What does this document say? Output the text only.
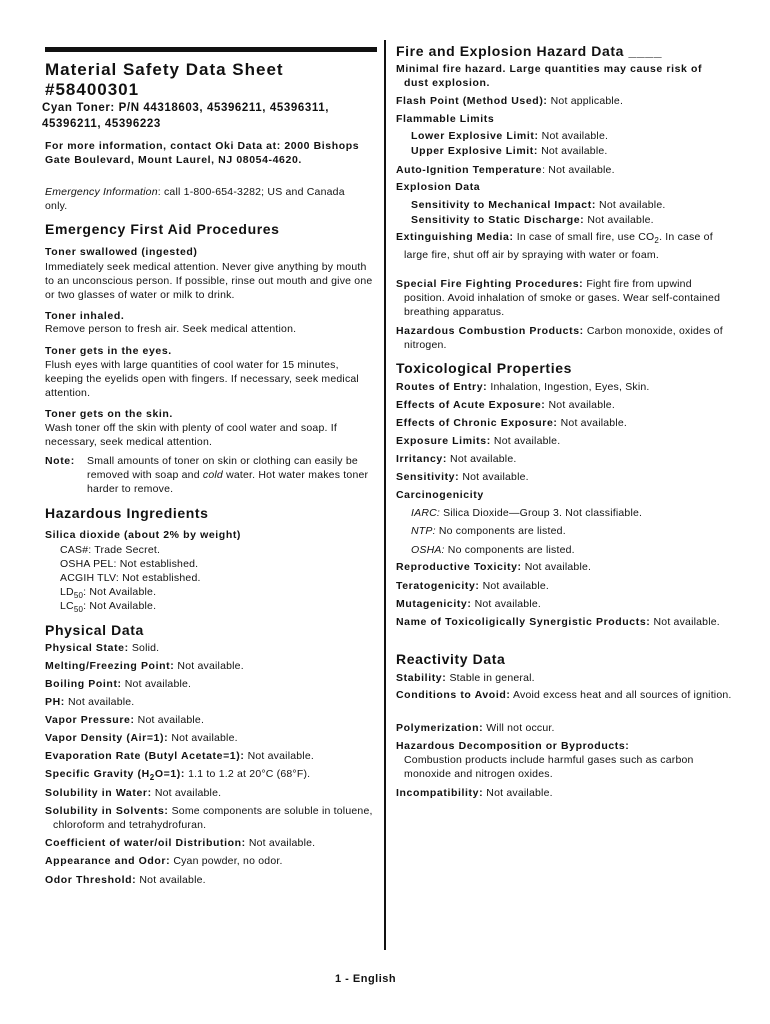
Material Safety Data Sheet
#58400301
Cyan Toner: P/N 44318603, 45396211, 45396311, 45396211, 45396223
For more information, contact Oki Data at: 2000 Bishops Gate Boulevard, Mount Laurel, NJ 08054-4620.
Emergency Information: call 1-800-654-3282; US and Canada only.
Emergency First Aid Procedures
Toner swallowed (ingested)
Immediately seek medical attention. Never give anything by mouth to an unconscious person. If possible, rinse out mouth and give one or two glasses of water or milk to drink.
Toner inhaled.
Remove person to fresh air. Seek medical attention.
Toner gets in the eyes.
Flush eyes with large quantities of cool water for 15 minutes, keeping the eyelids open with fingers. If necessary, seek medical attention.
Toner gets on the skin.
Wash toner off the skin with plenty of cool water and soap. If necessary, seek medical attention.
Note: Small amounts of toner on skin or clothing can easily be removed with soap and cold water. Hot water makes toner harder to remove.
Hazardous Ingredients
Silica dioxide (about 2% by weight)
CAS#: Trade Secret.
OSHA PEL: Not established.
ACGIH TLV: Not established.
$LD_{50}$: Not Available.
$LC_{50}$: Not Available.
Physical Data
Physical State: Solid.
Melting/Freezing Point: Not available.
Boiling Point: Not available.
PH: Not available.
Vapor Pressure: Not available.
Vapor Density (Air=1): Not available.
Evaporation Rate (Butyl Acetate=1): Not available.
Specific Gravity $(H_2O=1)$: 1.1 to 1.2 at 20°C (68°F).
Solubility in Water: Not available.
Solubility in Solvents: Some components are soluble in toluene, chloroform and tetrahydrofuran.
Coefficient of water/oil Distribution: Not available.
Appearance and Odor: Cyan powder, no odor.
Odor Threshold: Not available.
Fire and Explosion Hazard Data ____
Minimal fire hazard. Large quantities may cause risk of dust explosion.
Flash Point (Method Used): Not applicable.
Flammable Limits
Lower Explosive Limit: Not available.
Upper Explosive Limit: Not available.
Auto-Ignition Temperature: Not available.
Explosion Data
Sensitivity to Mechanical Impact: Not available.
Sensitivity to Static Discharge: Not available.
Extinguishing Media: In case of small fire, use $CO_2$. In case of large fire, shut off air by spraying with water or foam.
Special Fire Fighting Procedures: Fight fire from upwind position. Avoid inhalation of smoke or gases. Wear self-contained breathing apparatus.
Hazardous Combustion Products: Carbon monoxide, oxides of nitrogen.
Toxicological Properties
Routes of Entry: Inhalation, Ingestion, Eyes, Skin.
Effects of Acute Exposure: Not available.
Effects of Chronic Exposure: Not available.
Exposure Limits: Not available.
Irritancy: Not available.
Sensitivity: Not available.
Carcinogenicity
IARC: Silica Dioxide—Group 3. Not classifiable.
NTP: No components are listed.
OSHA: No components are listed.
Reproductive Toxicity: Not available.
Teratogenicity: Not available.
Mutagenicity: Not available.
Name of Toxicoligically Synergistic Products: Not available.
Reactivity Data
Stability: Stable in general.
Conditions to Avoid: Avoid excess heat and all sources of ignition.
Polymerization: Will not occur.
Hazardous Decomposition or Byproducts:
Combustion products include harmful gases such as carbon monoxide and nitrogen oxides.
Incompatibility: Not available.
1 - English
